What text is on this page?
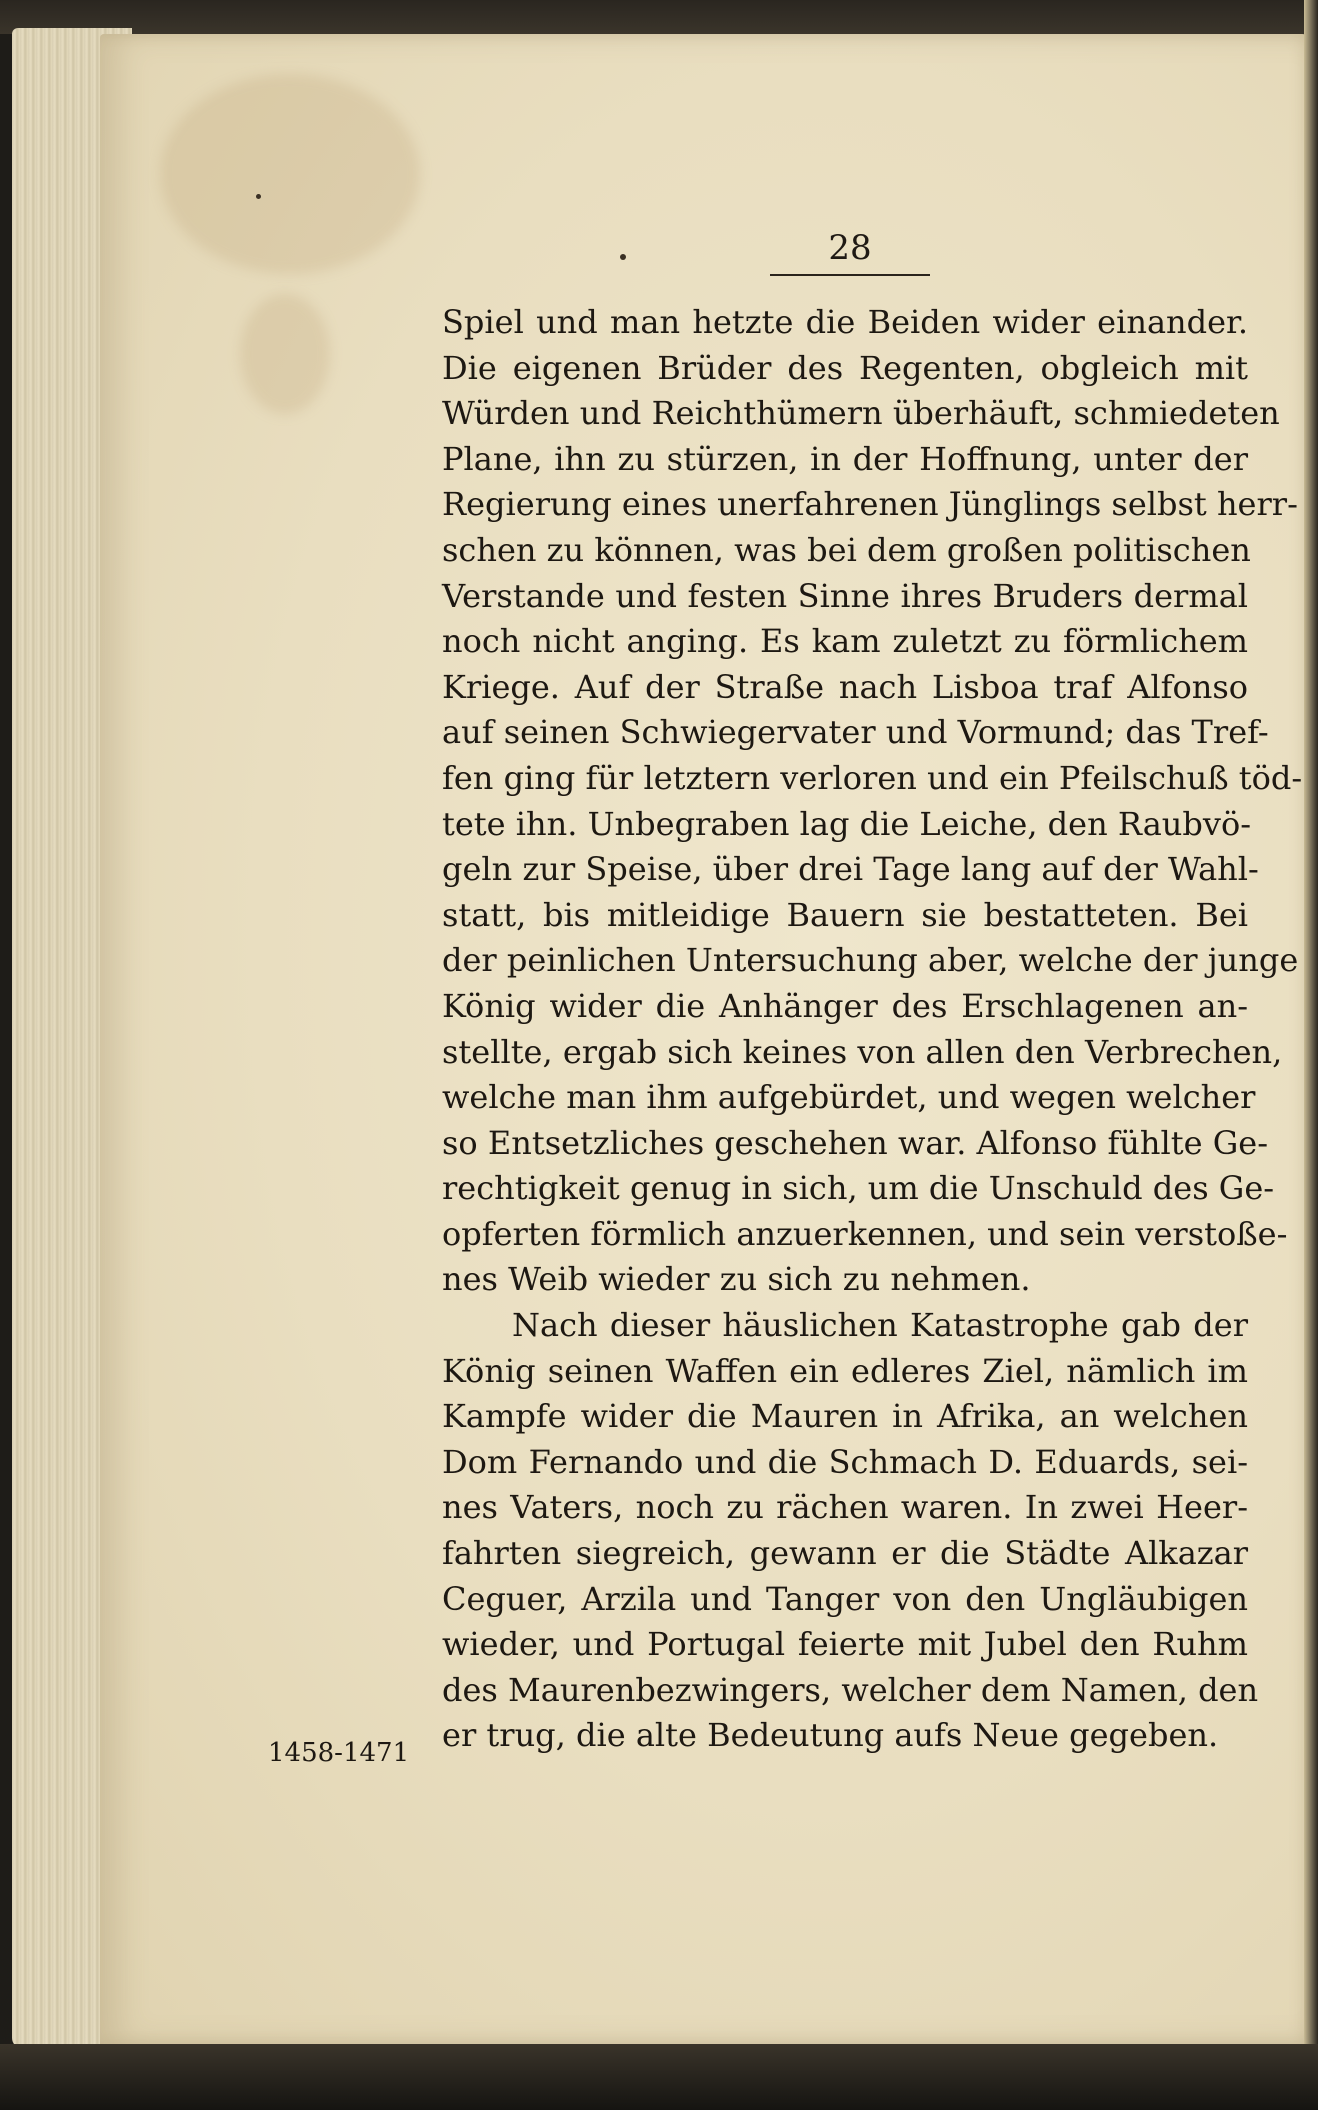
28
Spiel und man hetzte die Beiden wider einander.
Die eigenen Brüder des Regenten, obgleich mit
Würden und Reichthümern überhäuft, schmiedeten
Plane, ihn zu stürzen, in der Hoffnung, unter der
Regierung eines unerfahrenen Jünglings selbst herr-
schen zu können, was bei dem großen politischen
Verstande und festen Sinne ihres Bruders dermal
noch nicht anging. Es kam zuletzt zu förmlichem
Kriege. Auf der Straße nach Lisboa traf Alfonso
auf seinen Schwiegervater und Vormund; das Tref-
fen ging für letztern verloren und ein Pfeilschuß töd-
tete ihn. Unbegraben lag die Leiche, den Raubvö-
geln zur Speise, über drei Tage lang auf der Wahl-
statt, bis mitleidige Bauern sie bestatteten. Bei
der peinlichen Untersuchung aber, welche der junge
König wider die Anhänger des Erschlagenen an-
stellte, ergab sich keines von allen den Verbrechen,
welche man ihm aufgebürdet, und wegen welcher
so Entsetzliches geschehen war. Alfonso fühlte Ge-
rechtigkeit genug in sich, um die Unschuld des Ge-
opferten förmlich anzuerkennen, und sein verstoße-
nes Weib wieder zu sich zu nehmen.
Nach dieser häuslichen Katastrophe gab der
König seinen Waffen ein edleres Ziel, nämlich im
Kampfe wider die Mauren in Afrika, an welchen
Dom Fernando und die Schmach D. Eduards, sei-
nes Vaters, noch zu rächen waren. In zwei Heer-
fahrten siegreich, gewann er die Städte Alkazar
Ceguer, Arzila und Tanger von den Ungläubigen
wieder, und Portugal feierte mit Jubel den Ruhm
des Maurenbezwingers, welcher dem Namen, den
er trug, die alte Bedeutung aufs Neue gegeben.
1458-1471
